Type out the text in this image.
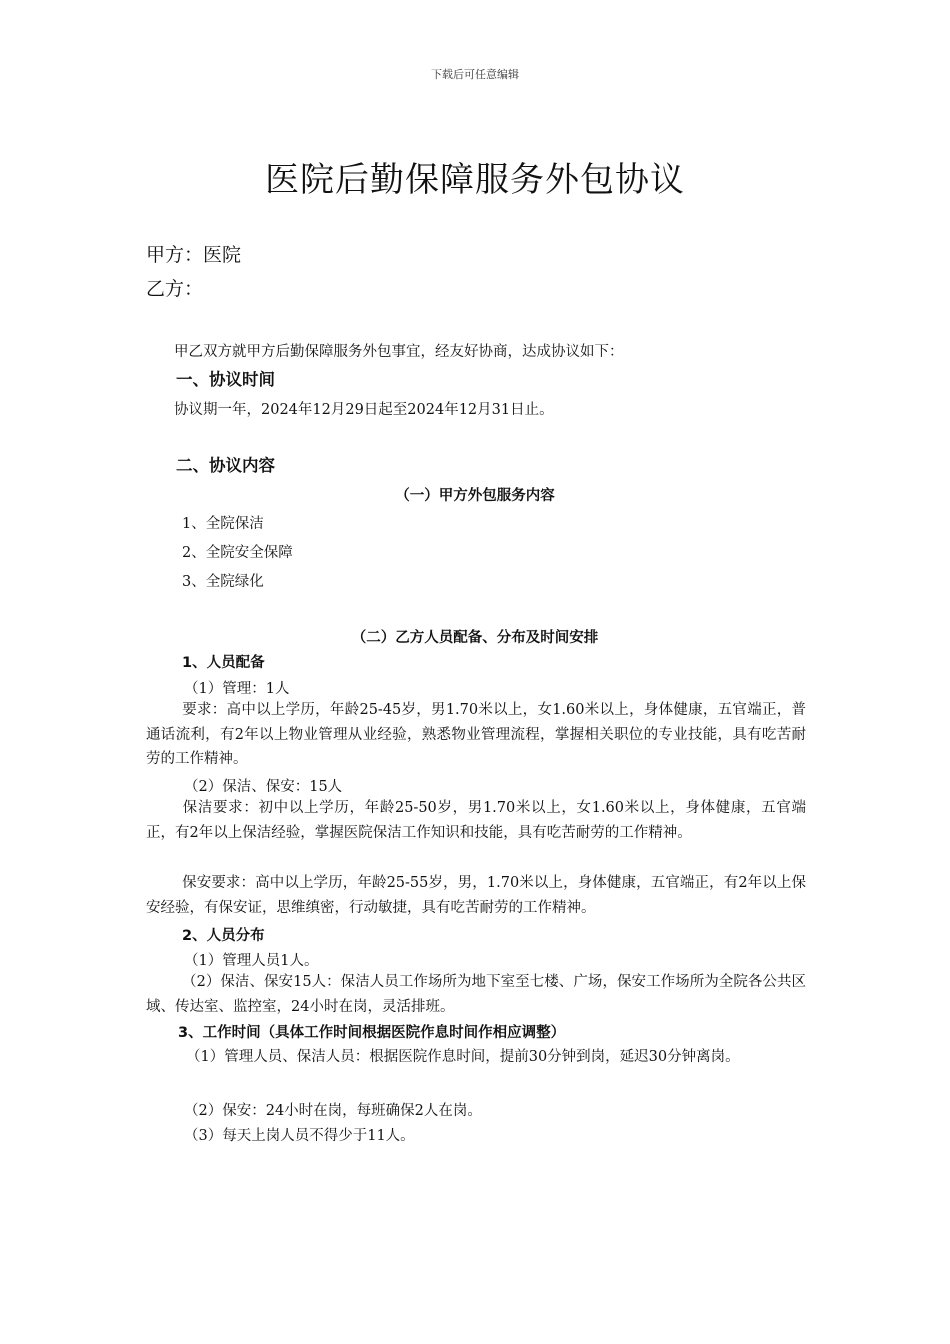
下载后可任意编辑
医院后勤保障服务外包协议
甲方：医院
乙方：
甲乙双方就甲方后勤保障服务外包事宜，经友好协商，达成协议如下：
一、协议时间
协议期一年，2024年12月29日起至2024年12月31日止。
二、协议内容
（一）甲方外包服务内容
1、全院保洁
2、全院安全保障
3、全院绿化
（二）乙方人员配备、分布及时间安排
1、人员配备
（1）管理：1人
要求：高中以上学历，年龄25-45岁，男1.70米以上，女1.60米以上，身体健康，五官端正，普通话流利，有2年以上物业管理从业经验，熟悉物业管理流程，掌握相关职位的专业技能，具有吃苦耐劳的工作精神。
（2）保洁、保安：15人
保洁要求：初中以上学历，年龄25-50岁，男1.70米以上，女1.60米以上，身体健康，五官端正，有2年以上保洁经验，掌握医院保洁工作知识和技能，具有吃苦耐劳的工作精神。
保安要求：高中以上学历，年龄25-55岁，男，1.70米以上，身体健康，五官端正，有2年以上保安经验，有保安证，思维缜密，行动敏捷，具有吃苦耐劳的工作精神。
2、人员分布
（1）管理人员1人。
（2）保洁、保安15人：保洁人员工作场所为地下室至七楼、广场，保安工作场所为全院各公共区域、传达室、监控室，24小时在岗，灵活排班。
3、工作时间（具体工作时间根据医院作息时间作相应调整）
（1）管理人员、保洁人员：根据医院作息时间，提前30分钟到岗，延迟30分钟离岗。
（2）保安：24小时在岗，每班确保2人在岗。
（3）每天上岗人员不得少于11人。
